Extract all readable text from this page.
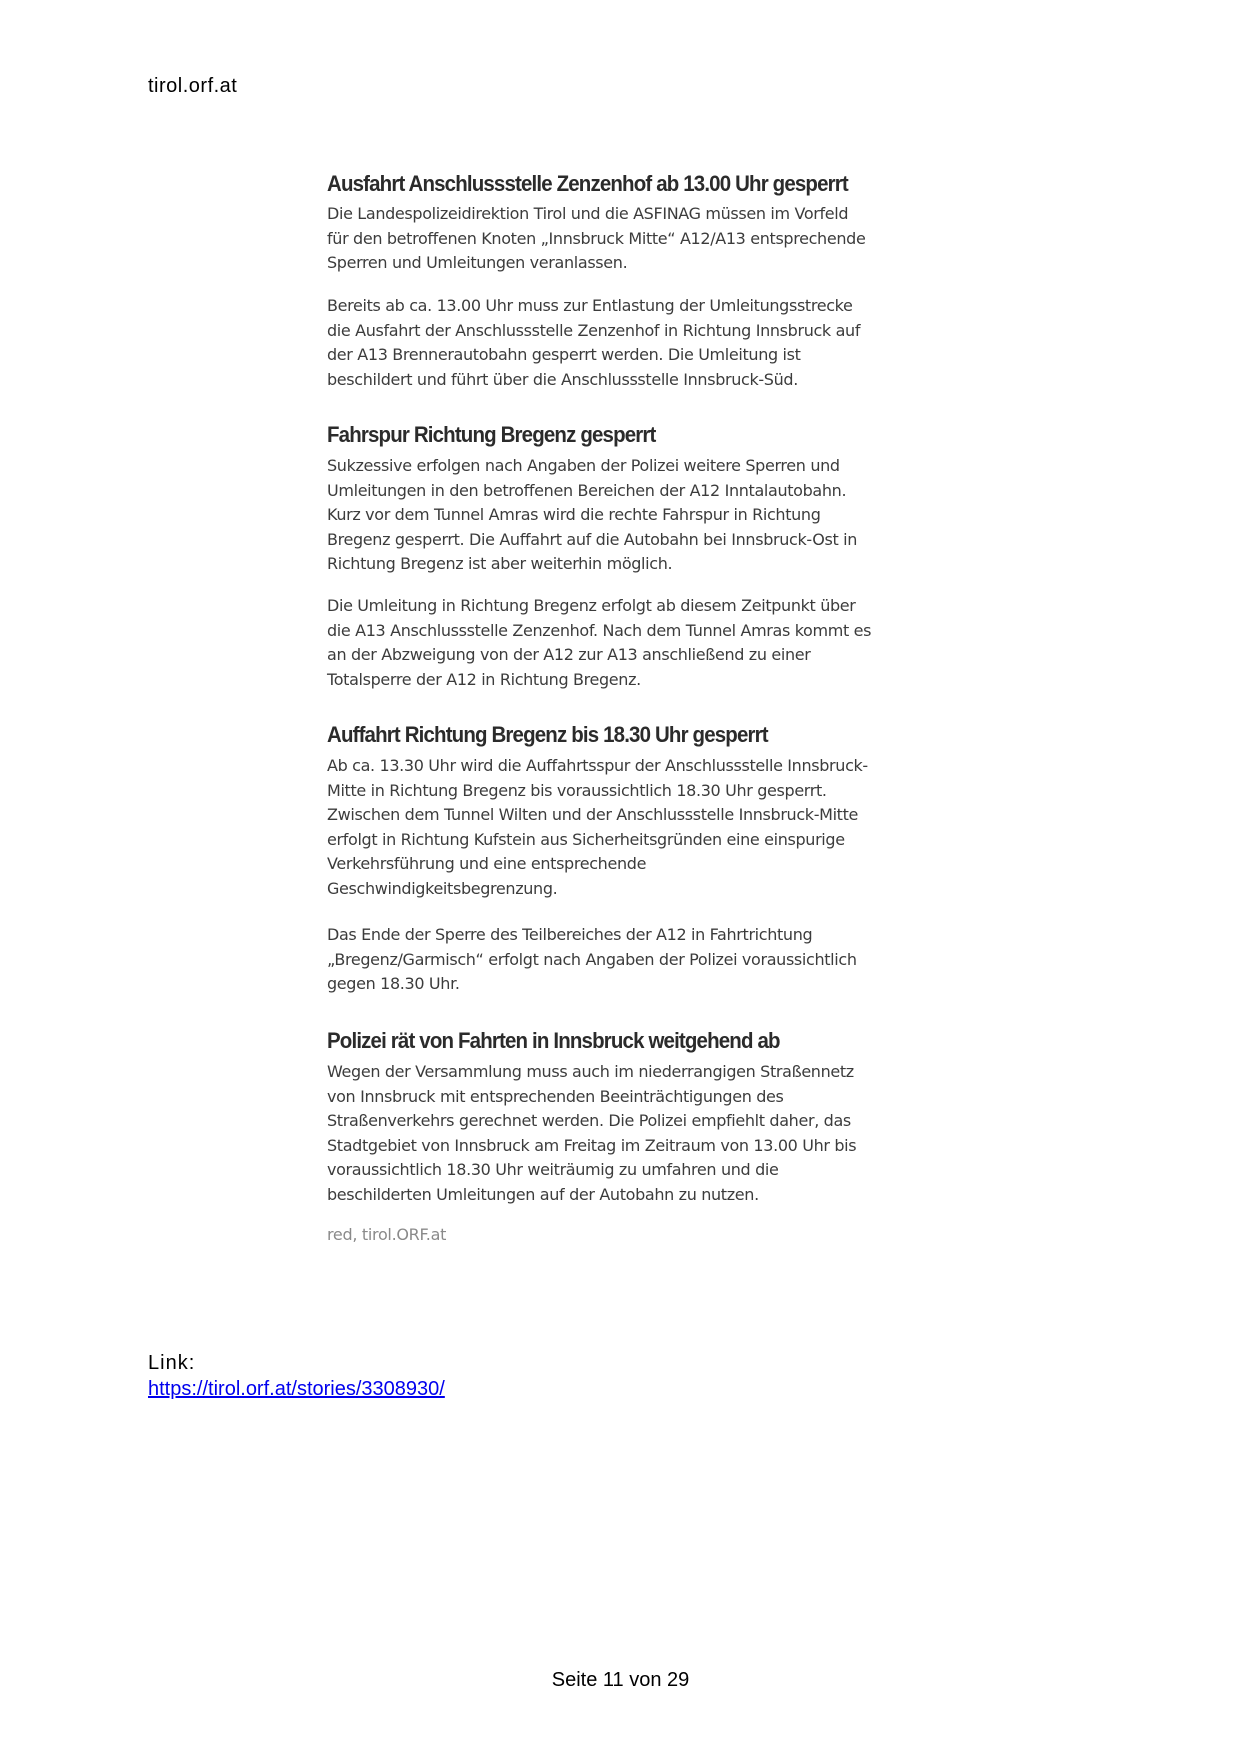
tirol.orf.at
Ausfahrt Anschlussstelle Zenzenhof ab 13.00 Uhr gesperrt
Die Landespolizeidirektion Tirol und die ASFINAG müssen im Vorfeld
für den betroffenen Knoten „Innsbruck Mitte“ A12/A13 entsprechende
Sperren und Umleitungen veranlassen.
Bereits ab ca. 13.00 Uhr muss zur Entlastung der Umleitungsstrecke
die Ausfahrt der Anschlussstelle Zenzenhof in Richtung Innsbruck auf
der A13 Brennerautobahn gesperrt werden. Die Umleitung ist
beschildert und führt über die Anschlussstelle Innsbruck-Süd.
Fahrspur Richtung Bregenz gesperrt
Sukzessive erfolgen nach Angaben der Polizei weitere Sperren und
Umleitungen in den betroffenen Bereichen der A12 Inntalautobahn.
Kurz vor dem Tunnel Amras wird die rechte Fahrspur in Richtung
Bregenz gesperrt. Die Auffahrt auf die Autobahn bei Innsbruck-Ost in
Richtung Bregenz ist aber weiterhin möglich.
Die Umleitung in Richtung Bregenz erfolgt ab diesem Zeitpunkt über
die A13 Anschlussstelle Zenzenhof. Nach dem Tunnel Amras kommt es
an der Abzweigung von der A12 zur A13 anschließend zu einer
Totalsperre der A12 in Richtung Bregenz.
Auffahrt Richtung Bregenz bis 18.30 Uhr gesperrt
Ab ca. 13.30 Uhr wird die Auffahrtsspur der Anschlussstelle Innsbruck-
Mitte in Richtung Bregenz bis voraussichtlich 18.30 Uhr gesperrt.
Zwischen dem Tunnel Wilten und der Anschlussstelle Innsbruck-Mitte
erfolgt in Richtung Kufstein aus Sicherheitsgründen eine einspurige
Verkehrsführung und eine entsprechende
Geschwindigkeitsbegrenzung.
Das Ende der Sperre des Teilbereiches der A12 in Fahrtrichtung
„Bregenz/Garmisch“ erfolgt nach Angaben der Polizei voraussichtlich
gegen 18.30 Uhr.
Polizei rät von Fahrten in Innsbruck weitgehend ab
Wegen der Versammlung muss auch im niederrangigen Straßennetz
von Innsbruck mit entsprechenden Beeinträchtigungen des
Straßenverkehrs gerechnet werden. Die Polizei empfiehlt daher, das
Stadtgebiet von Innsbruck am Freitag im Zeitraum von 13.00 Uhr bis
voraussichtlich 18.30 Uhr weiträumig zu umfahren und die
beschilderten Umleitungen auf der Autobahn zu nutzen.
red, tirol.ORF.at
Link:
https://tirol.orf.at/stories/3308930/
Seite 11 von 29
